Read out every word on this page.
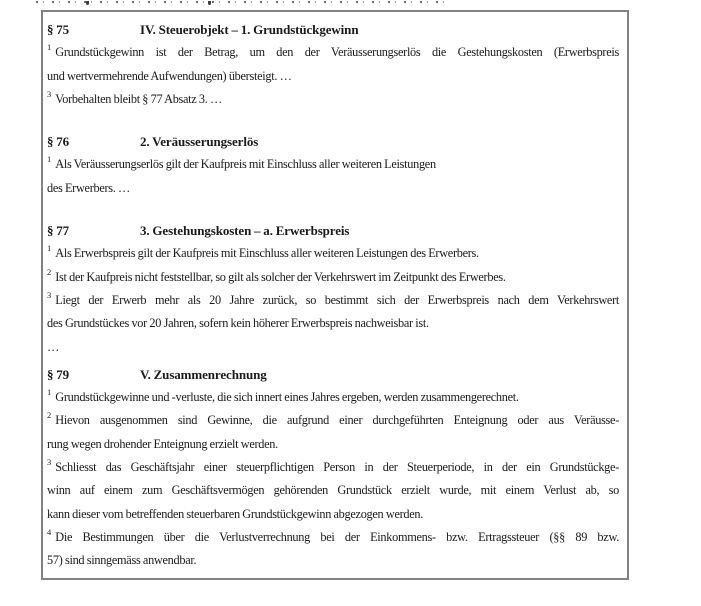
§ 75	IV. Steuerobjekt – 1. Grundstückgewinn
$^1$ Grundstückgewinn ist der Betrag, um den der Veräusserungserlös die Gestehungskosten (Erwerbspreis
und wertvermehrende Aufwendungen) übersteigt. …
$^3$ Vorbehalten bleibt § 77 Absatz 3. …
§ 76	2. Veräusserungserlös
$^1$ Als Veräusserungserlös gilt der Kaufpreis mit Einschluss aller weiteren Leistungen
des Erwerbers. …
§ 77	3. Gestehungskosten – a. Erwerbspreis
$^1$ Als Erwerbspreis gilt der Kaufpreis mit Einschluss aller weiteren Leistungen des Erwerbers.
$^2$ Ist der Kaufpreis nicht feststellbar, so gilt als solcher der Verkehrswert im Zeitpunkt des Erwerbes.
$^3$ Liegt der Erwerb mehr als 20 Jahre zurück, so bestimmt sich der Erwerbspreis nach dem Verkehrswert
des Grundstückes vor 20 Jahren, sofern kein höherer Erwerbspreis nachweisbar ist.
…
§ 79	V. Zusammenrechnung
$^1$ Grundstückgewinne und -verluste, die sich innert eines Jahres ergeben, werden zusammengerechnet.
$^2$ Hievon ausgenommen sind Gewinne, die aufgrund einer durchgeführten Enteignung oder aus Veräusse-
rung wegen drohender Enteignung erzielt werden.
$^3$ Schliesst das Geschäftsjahr einer steuerpflichtigen Person in der Steuerperiode, in der ein Grundstückge-
winn auf einem zum Geschäftsvermögen gehörenden Grundstück erzielt wurde, mit einem Verlust ab, so
kann dieser vom betreffenden steuerbaren Grundstückgewinn abgezogen werden.
$^4$ Die Bestimmungen über die Verlustverrechnung bei der Einkommens- bzw. Ertragssteuer (§§ 89 bzw.
57) sind sinngemäss anwendbar.
